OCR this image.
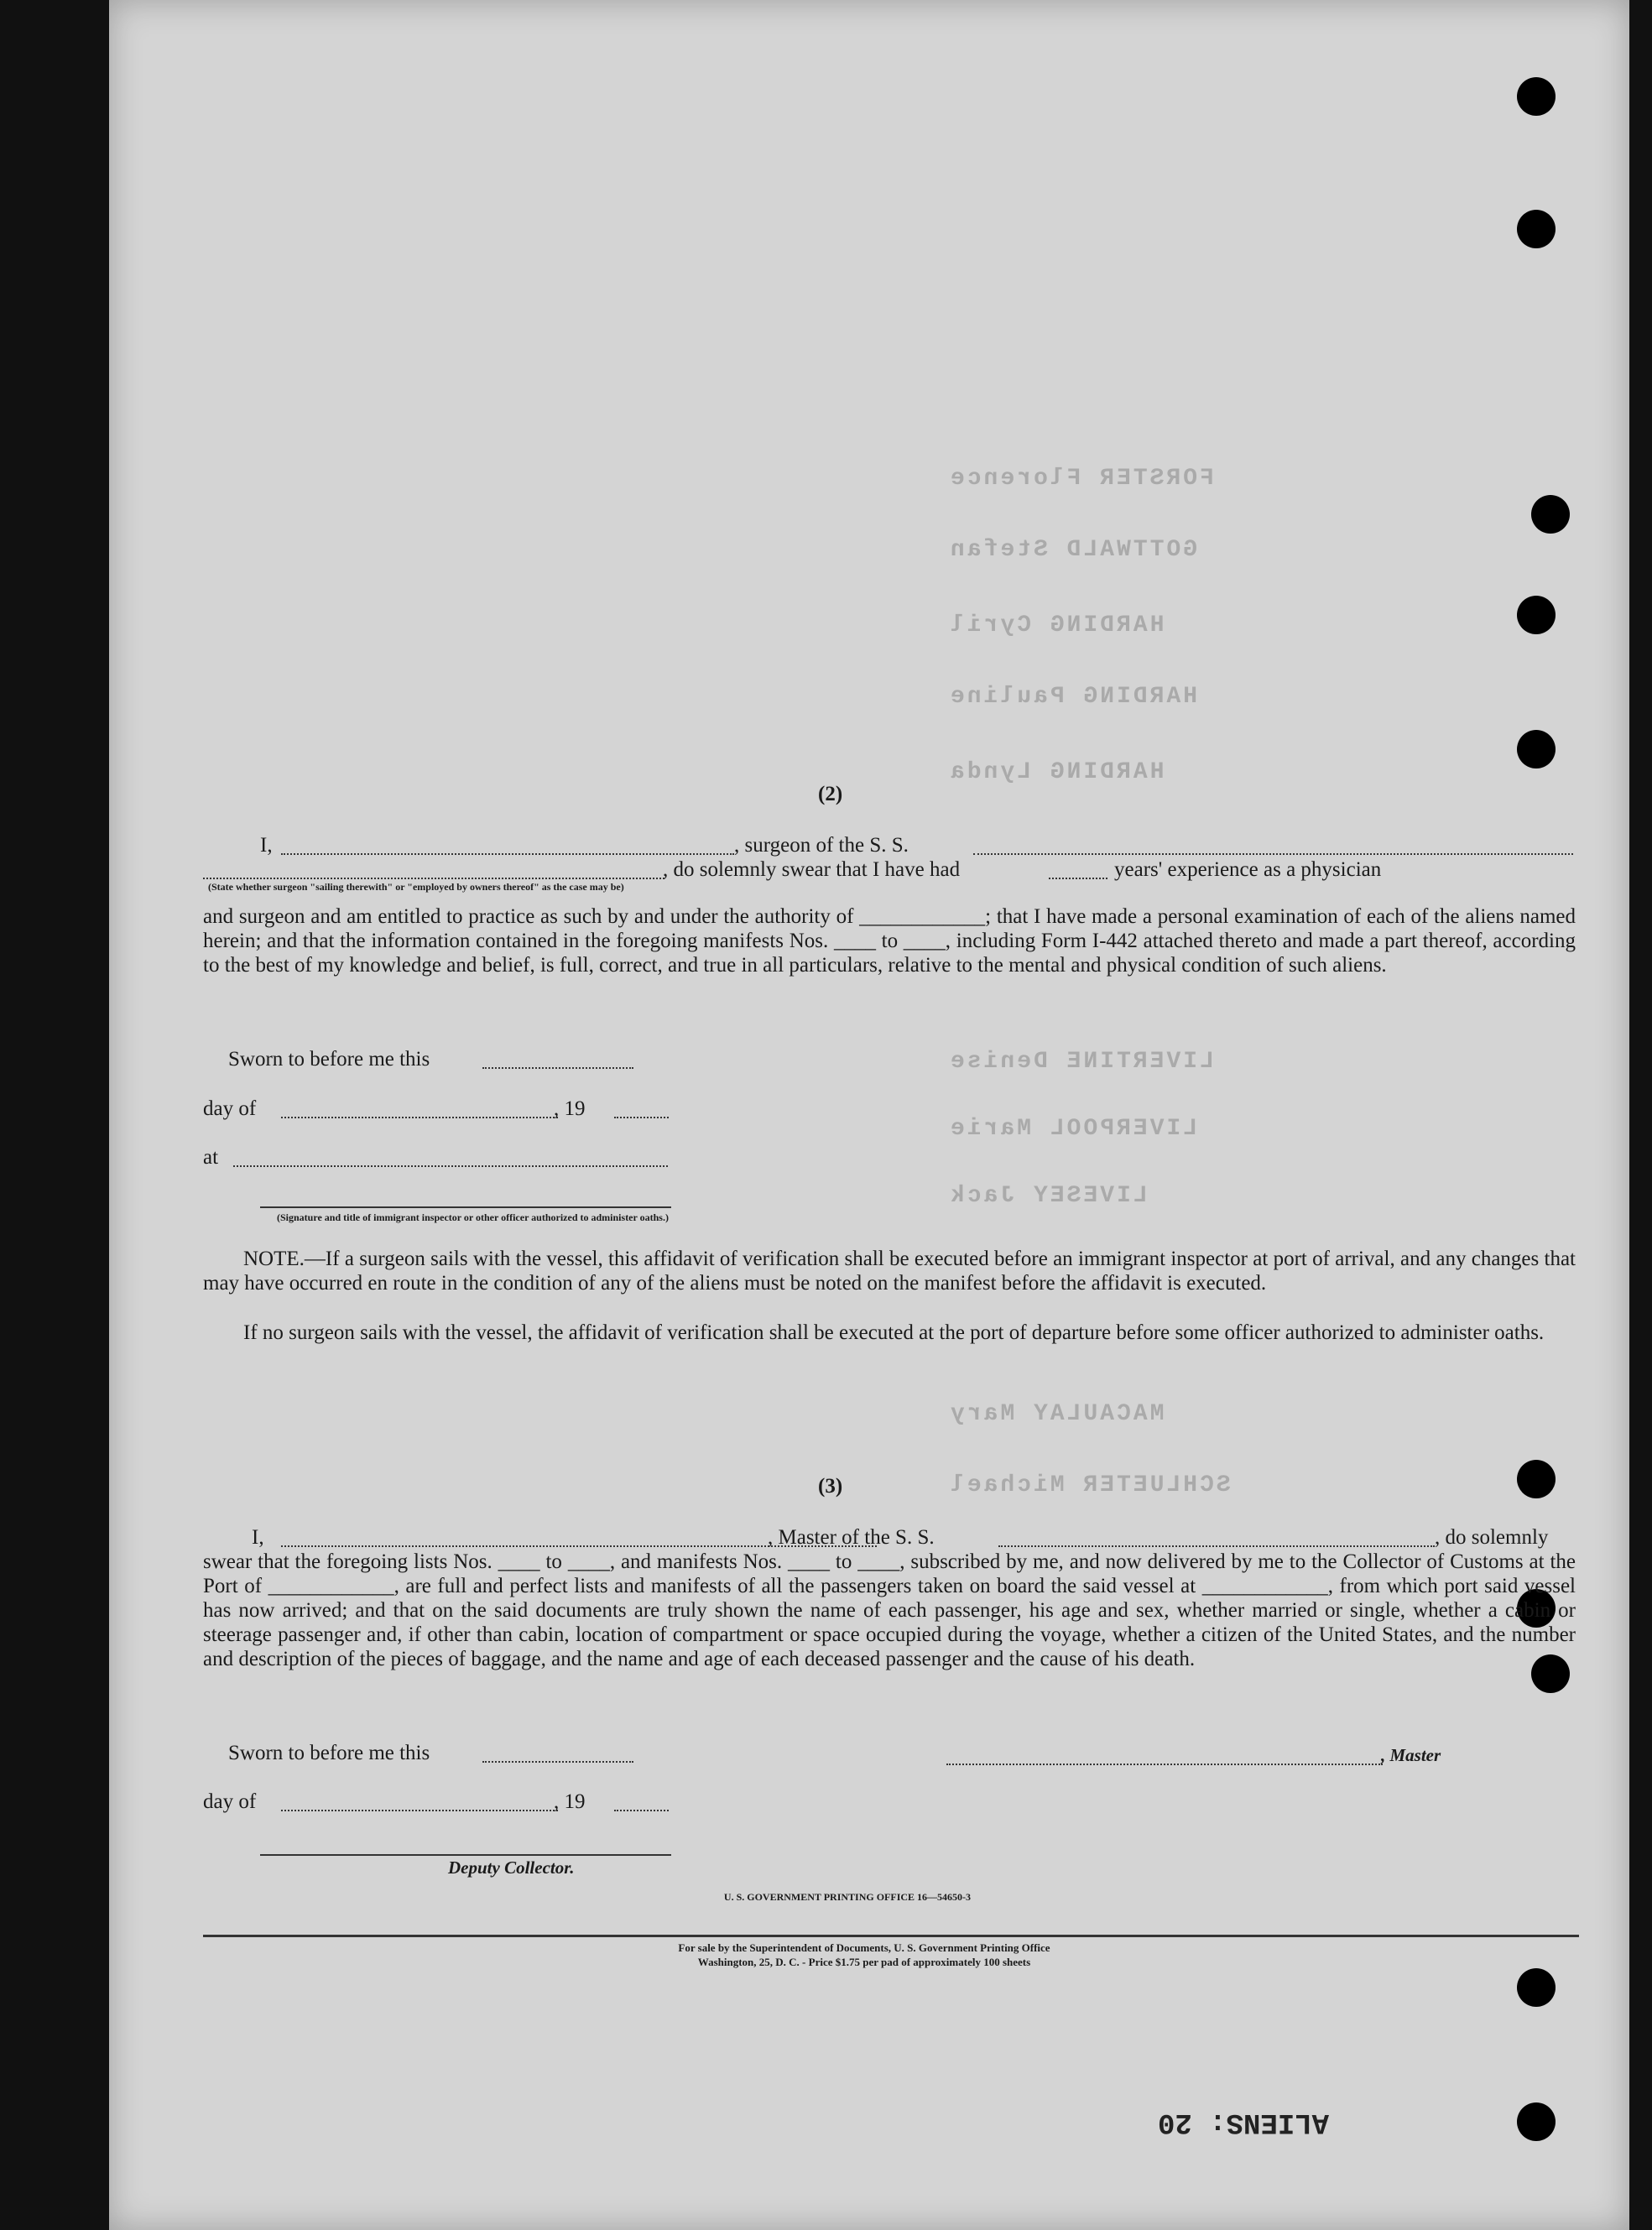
FORSTER Florence
GOTTWALD Stefan
HARDING Cyril
HARDING Pauline
HARDING Lynda
LIVERTINE Denise
LIVERPOOL Marie
LIVESEY Jack
MACAULAY Mary
SCHLUETER Michael
(2)
I,	, surgeon of the S. S.
, do solemnly swear that I have had	years' experience as a physician
(State whether surgeon "sailing therewith" or "employed by owners thereof" as the case may be)
and surgeon and am entitled to practice as such by and under the authority of ____________; that I have made a personal examination of each of the aliens named herein; and that the information contained in the foregoing manifests Nos. ____ to ____, including Form I-442 attached thereto and made a part thereof, according to the best of my knowledge and belief, is full, correct, and true in all particulars, relative to the mental and physical condition of such aliens.
Sworn to before me this
day of	, 19
at
(Signature and title of immigrant inspector or other officer authorized to administer oaths.)
NOTE.—If a surgeon sails with the vessel, this affidavit of verification shall be executed before an immigrant inspector at port of arrival, and any changes that may have occurred en route in the condition of any of the aliens must be noted on the manifest before the affidavit is executed.
If no surgeon sails with the vessel, the affidavit of verification shall be executed at the port of departure before some officer authorized to administer oaths.
(3)
I,	, Master of the S. S.	, do solemnly
swear that the foregoing lists Nos. ____ to ____, and manifests Nos. ____ to ____, subscribed by me, and now delivered by me to the Collector of Customs at the Port of ____________, are full and perfect lists and manifests of all the passengers taken on board the said vessel at ____________, from which port said vessel has now arrived; and that on the said documents are truly shown the name of each passenger, his age and sex, whether married or single, whether a cabin or steerage passenger and, if other than cabin, location of compartment or space occupied during the voyage, whether a citizen of the United States, and the number and description of the pieces of baggage, and the name and age of each deceased passenger and the cause of his death.
Sworn to before me this	, Master
day of	, 19
Deputy Collector.
U. S. GOVERNMENT PRINTING OFFICE 16—54650-3
For sale by the Superintendent of Documents, U. S. Government Printing Office
Washington, 25, D. C. - Price $1.75 per pad of approximately 100 sheets
ALIENS: 20
